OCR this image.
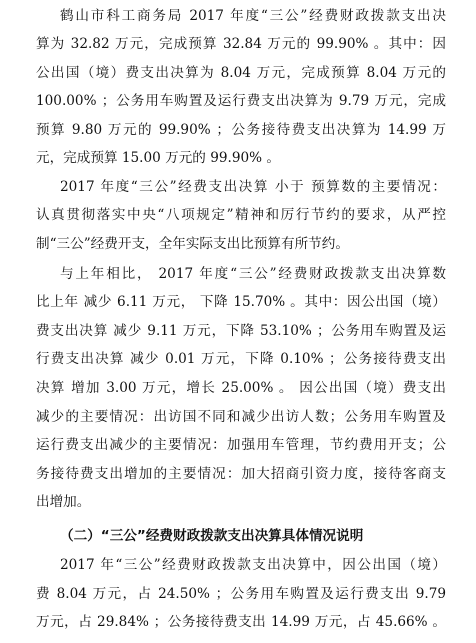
鹤山市科工商务局 2017 年度“三公”经费财政拨款支出决
算为 32.82 万元，完成预算 32.84 万元的 99.90% 。其中：因
公出国（境）费支出决算为 8.04 万元，完成预算 8.04 万元的
100.00% ；公务用车购置及运行费支出决算为 9.79 万元，完成
预算 9.80 万元的 99.90% ；公务接待费支出决算为 14.99 万
元，完成预算 15.00 万元的 99.90% 。
2017 年度“三公”经费支出决算 小于 预算数的主要情况：
认真贯彻落实中央“八项规定”精神和厉行节约的要求，从严控
制“三公”经费开支，全年实际支出比预算有所节约。
与上年相比， 2017 年度“三公”经费财政拨款支出决算数
比上年 减少 6.11 万元， 下降 15.70% 。其中：因公出国（境）
费支出决算 减少 9.11 万元，下降 53.10% ；公务用车购置及运
行费支出决算 减少 0.01 万元，下降 0.10% ；公务接待费支出
决算 增加 3.00 万元，增长 25.00% 。 因公出国（境）费支出
减少的主要情况：出访国不同和减少出访人数；公务用车购置及
运行费支出减少的主要情况：加强用车管理，节约费用开支；公
务接待费支出增加的主要情况：加大招商引资力度，接待客商支
出增加。
（二）“三公”经费财政拨款支出决算具体情况说明
2017 年“三公”经费财政拨款支出决算中，因公出国（境）
费 8.04 万元，占 24.50% ；公务用车购置及运行费支出 9.79
万元，占 29.84% ；公务接待费支出 14.99 万元，占 45.66% 。
